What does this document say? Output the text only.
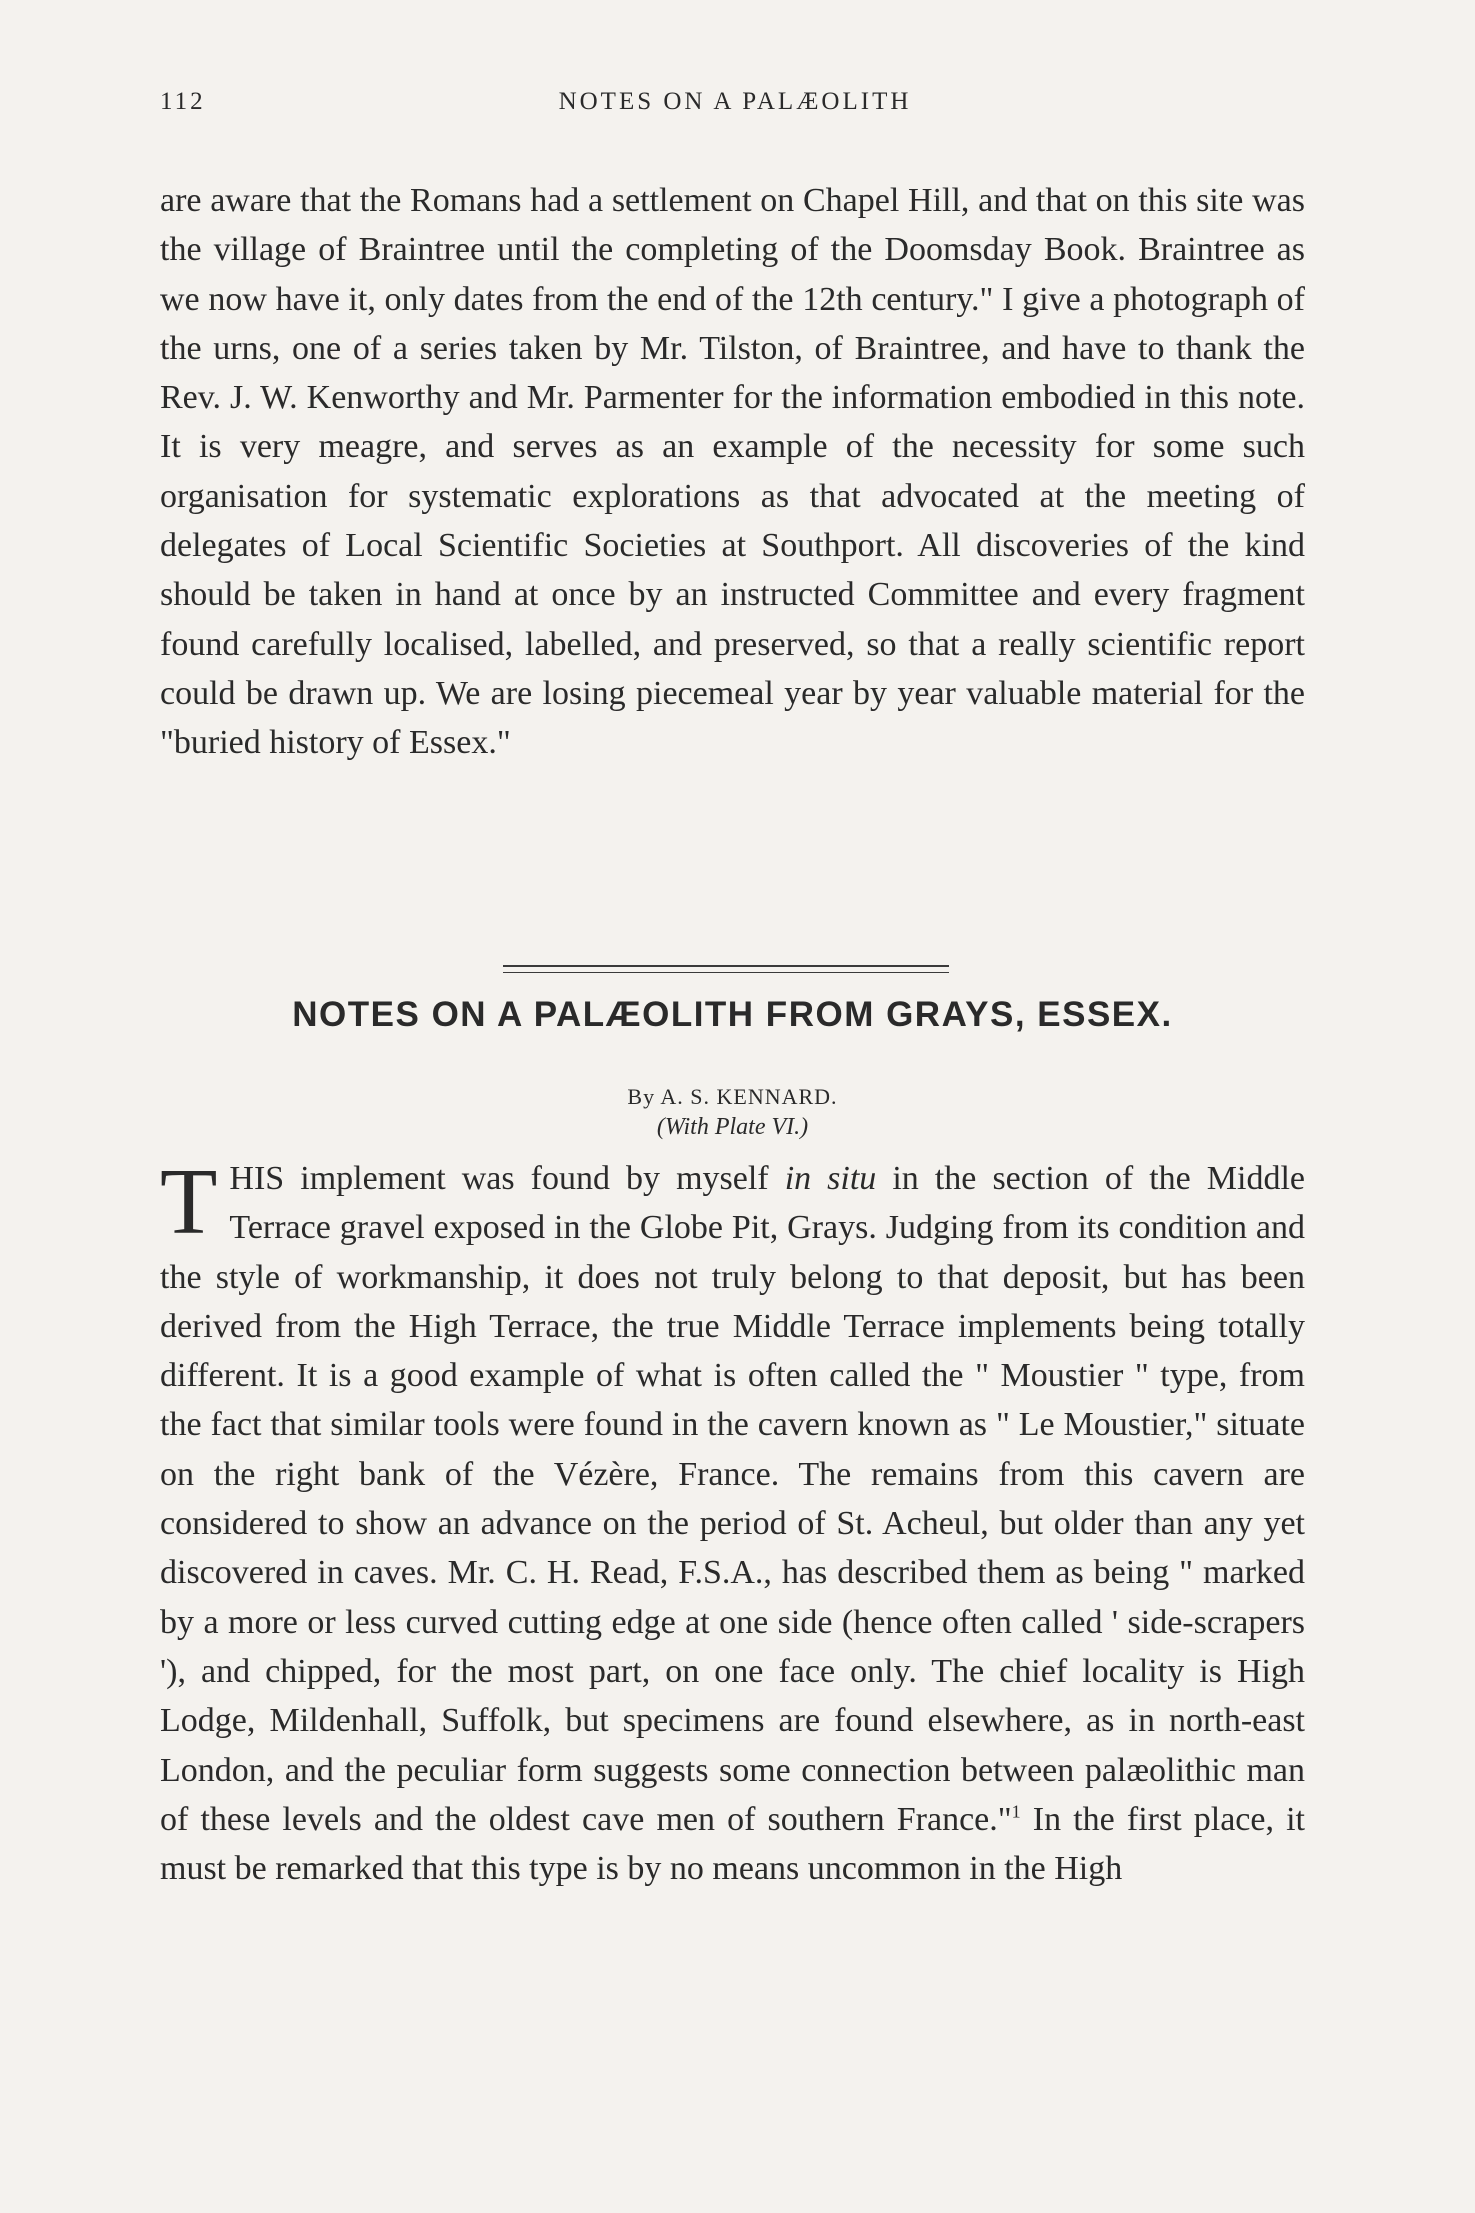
112	NOTES ON A PALÆOLITH

are aware that the Romans had a settlement on Chapel Hill, and that on this site was the village of Braintree until the completing of the Doomsday Book. Braintree as we now have it, only dates from the end of the 12th century." I give a photograph of the urns, one of a series taken by Mr. Tilston, of Braintree, and have to thank the Rev. J. W. Kenworthy and Mr. Parmenter for the information embodied in this note. It is very meagre, and serves as an example of the necessity for some such organisation for systematic explorations as that advocated at the meeting of delegates of Local Scientific Societies at Southport. All discoveries of the kind should be taken in hand at once by an instructed Committee and every fragment found carefully localised, labelled, and preserved, so that a really scientific report could be drawn up. We are losing piecemeal year by year valuable material for the "buried history of Essex."

NOTES ON A PALÆOLITH FROM GRAYS, ESSEX.
By A. S. KENNARD.
(With Plate VI.)

THIS implement was found by myself in situ in the section of the Middle Terrace gravel exposed in the Globe Pit, Grays. Judging from its condition and the style of workmanship, it does not truly belong to that deposit, but has been derived from the High Terrace, the true Middle Terrace implements being totally different. It is a good example of what is often called the " Moustier " type, from the fact that similar tools were found in the cavern known as " Le Moustier," situate on the right bank of the Vézère, France. The remains from this cavern are considered to show an advance on the period of St. Acheul, but older than any yet discovered in caves. Mr. C. H. Read, F.S.A., has described them as being " marked by a more or less curved cutting edge at one side (hence often called ' side-scrapers '), and chipped, for the most part, on one face only. The chief locality is High Lodge, Mildenhall, Suffolk, but specimens are found elsewhere, as in north-east London, and the peculiar form suggests some connection between palæolithic man of these levels and the oldest cave men of southern France."$^1$ In the first place, it must be remarked that this type is by no means uncommon in the High
